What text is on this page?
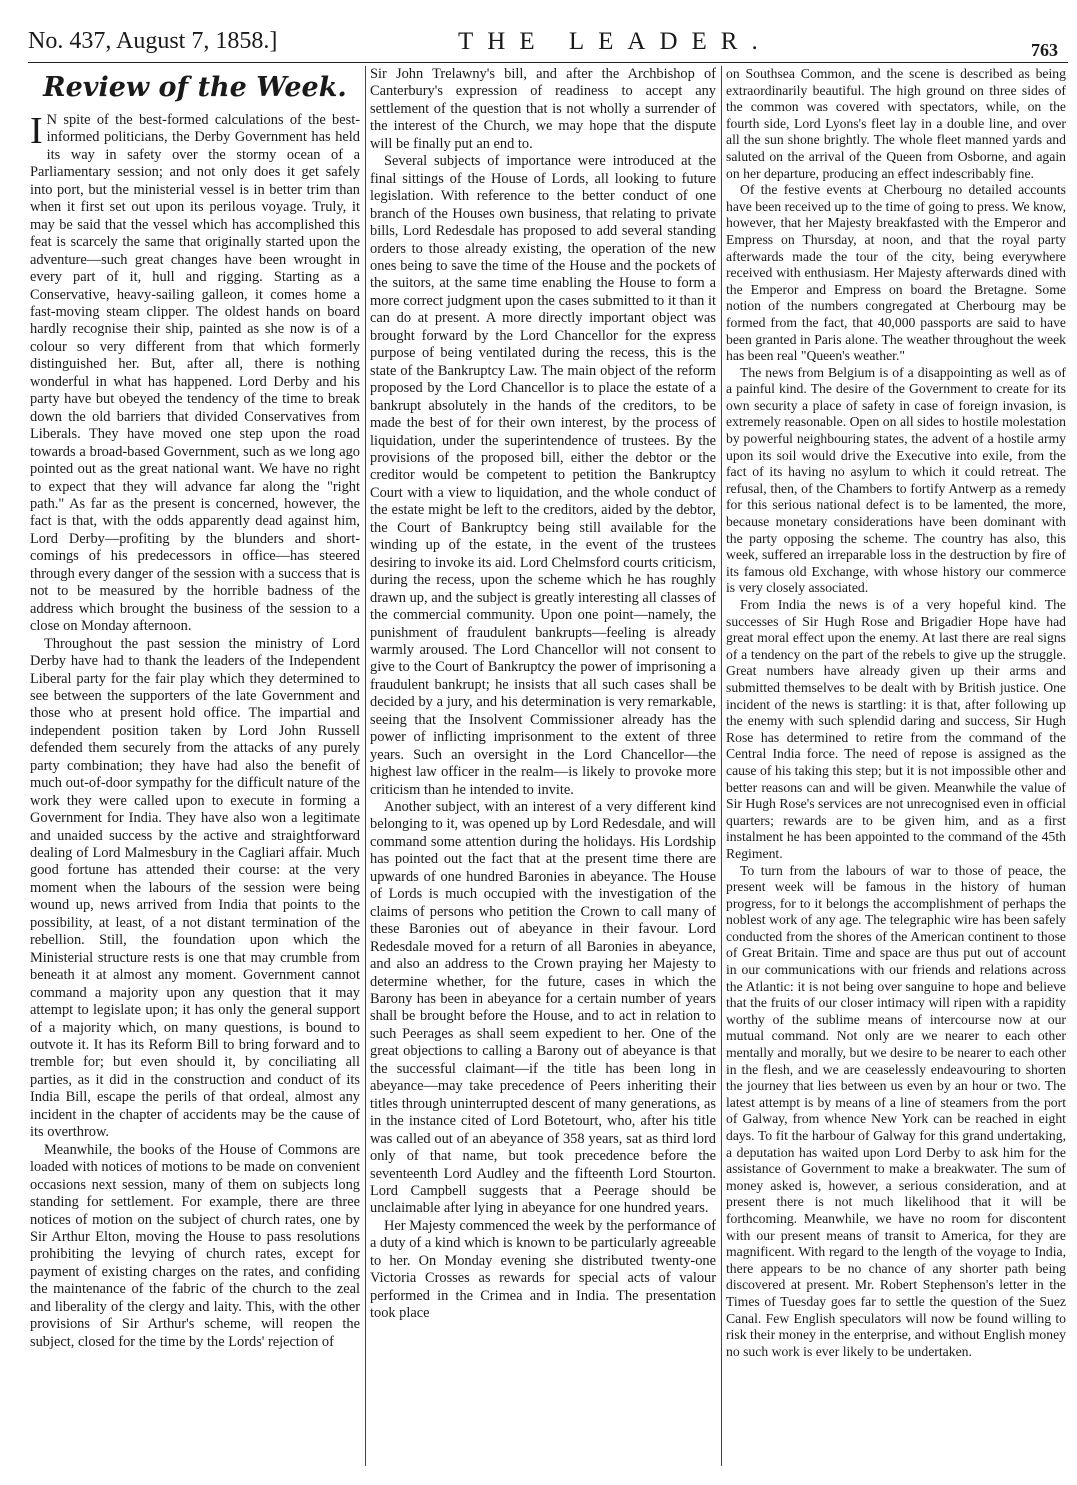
No. 437, August 7, 1858.]	THE LEADER.	763
Review of the Week.

I N spite of the best-formed calculations of the best-informed politicians, the Derby Government has held its way in safety over the stormy ocean of a Parliamentary session; and not only does it get safely into port, but the ministerial vessel is in better trim than when it first set out upon its perilous voyage. Truly, it may be said that the vessel which has accomplished this feat is scarcely the same that originally started upon the adventure—such great changes have been wrought in every part of it, hull and rigging. Starting as a Conservative, heavy-sailing galleon, it comes home a fast-moving steam clipper. The oldest hands on board hardly recognise their ship, painted as she now is of a colour so very different from that which formerly distinguished her. But, after all, there is nothing wonderful in what has happened. Lord Derby and his party have but obeyed the tendency of the time to break down the old barriers that divided Conservatives from Liberals. They have moved one step upon the road towards a broad-based Government, such as we long ago pointed out as the great national want. We have no right to expect that they will advance far along the "right path." As far as the present is concerned, however, the fact is that, with the odds apparently dead against him, Lord Derby—profiting by the blunders and short-comings of his predecessors in office—has steered through every danger of the session with a success that is not to be measured by the horrible badness of the address which brought the business of the session to a close on Monday afternoon.

Throughout the past session the ministry of Lord Derby have had to thank the leaders of the Independent Liberal party for the fair play which they determined to see between the supporters of the late Government and those who at present hold office. The impartial and independent position taken by Lord John Russell defended them securely from the attacks of any purely party combination; they have had also the benefit of much out-of-door sympathy for the difficult nature of the work they were called upon to execute in forming a Government for India. They have also won a legitimate and unaided success by the active and straightforward dealing of Lord Malmesbury in the Cagliari affair. Much good fortune has attended their course: at the very moment when the labours of the session were being wound up, news arrived from India that points to the possibility, at least, of a not distant termination of the rebellion. Still, the foundation upon which the Ministerial structure rests is one that may crumble from beneath it at almost any moment. Government cannot command a majority upon any question that it may attempt to legislate upon; it has only the general support of a majority which, on many questions, is bound to outvote it. It has its Reform Bill to bring forward and to tremble for; but even should it, by conciliating all parties, as it did in the construction and conduct of its India Bill, escape the perils of that ordeal, almost any incident in the chapter of accidents may be the cause of its overthrow.

Meanwhile, the books of the House of Commons are loaded with notices of motions to be made on convenient occasions next session, many of them on subjects long standing for settlement. For example, there are three notices of motion on the subject of church rates, one by Sir Arthur Elton, moving the House to pass resolutions prohibiting the levying of church rates, except for payment of existing charges on the rates, and confiding the maintenance of the fabric of the church to the zeal and liberality of the clergy and laity. This, with the other provisions of Sir Arthur's scheme, will reopen the subject, closed for the time by the Lords' rejection of

Sir John Trelawny's bill, and after the Archbishop of Canterbury's expression of readiness to accept any settlement of the question that is not wholly a surrender of the interest of the Church, we may hope that the dispute will be finally put an end to.

Several subjects of importance were introduced at the final sittings of the House of Lords, all looking to future legislation. With reference to the better conduct of one branch of the Houses own business, that relating to private bills, Lord Redesdale has proposed to add several standing orders to those already existing, the operation of the new ones being to save the time of the House and the pockets of the suitors, at the same time enabling the House to form a more correct judgment upon the cases submitted to it than it can do at present. A more directly important object was brought forward by the Lord Chancellor for the express purpose of being ventilated during the recess, this is the state of the Bankruptcy Law. The main object of the reform proposed by the Lord Chancellor is to place the estate of a bankrupt absolutely in the hands of the creditors, to be made the best of for their own interest, by the process of liquidation, under the superintendence of trustees. By the provisions of the proposed bill, either the debtor or the creditor would be competent to petition the Bankruptcy Court with a view to liquidation, and the whole conduct of the estate might be left to the creditors, aided by the debtor, the Court of Bankruptcy being still available for the winding up of the estate, in the event of the trustees desiring to invoke its aid. Lord Chelmsford courts criticism, during the recess, upon the scheme which he has roughly drawn up, and the subject is greatly interesting all classes of the commercial community. Upon one point—namely, the punishment of fraudulent bankrupts—feeling is already warmly aroused. The Lord Chancellor will not consent to give to the Court of Bankruptcy the power of imprisoning a fraudulent bankrupt; he insists that all such cases shall be decided by a jury, and his determination is very remarkable, seeing that the Insolvent Commissioner already has the power of inflicting imprisonment to the extent of three years. Such an oversight in the Lord Chancellor—the highest law officer in the realm—is likely to provoke more criticism than he intended to invite.

Another subject, with an interest of a very different kind belonging to it, was opened up by Lord Redesdale, and will command some attention during the holidays. His Lordship has pointed out the fact that at the present time there are upwards of one hundred Baronies in abeyance. The House of Lords is much occupied with the investigation of the claims of persons who petition the Crown to call many of these Baronies out of abeyance in their favour. Lord Redesdale moved for a return of all Baronies in abeyance, and also an address to the Crown praying her Majesty to determine whether, for the future, cases in which the Barony has been in abeyance for a certain number of years shall be brought before the House, and to act in relation to such Peerages as shall seem expedient to her. One of the great objections to calling a Barony out of abeyance is that the successful claimant—if the title has been long in abeyance—may take precedence of Peers inheriting their titles through uninterrupted descent of many generations, as in the instance cited of Lord Botetourt, who, after his title was called out of an abeyance of 358 years, sat as third lord only of that name, but took precedence before the seventeenth Lord Audley and the fifteenth Lord Stourton. Lord Campbell suggests that a Peerage should be unclaimable after lying in abeyance for one hundred years.

Her Majesty commenced the week by the performance of a duty of a kind which is known to be particularly agreeable to her. On Monday evening she distributed twenty-one Victoria Crosses as rewards for special acts of valour performed in the Crimea and in India. The presentation took place

on Southsea Common, and the scene is described as being extraordinarily beautiful. The high ground on three sides of the common was covered with spectators, while, on the fourth side, Lord Lyons's fleet lay in a double line, and over all the sun shone brightly. The whole fleet manned yards and saluted on the arrival of the Queen from Osborne, and again on her departure, producing an effect indescribably fine.

Of the festive events at Cherbourg no detailed accounts have been received up to the time of going to press. We know, however, that her Majesty breakfasted with the Emperor and Empress on Thursday, at noon, and that the royal party afterwards made the tour of the city, being everywhere received with enthusiasm. Her Majesty afterwards dined with the Emperor and Empress on board the Bretagne. Some notion of the numbers congregated at Cherbourg may be formed from the fact, that 40,000 passports are said to have been granted in Paris alone. The weather throughout the week has been real "Queen's weather."

The news from Belgium is of a disappointing as well as of a painful kind. The desire of the Government to create for its own security a place of safety in case of foreign invasion, is extremely reasonable. Open on all sides to hostile molestation by powerful neighbouring states, the advent of a hostile army upon its soil would drive the Executive into exile, from the fact of its having no asylum to which it could retreat. The refusal, then, of the Chambers to fortify Antwerp as a remedy for this serious national defect is to be lamented, the more, because monetary considerations have been dominant with the party opposing the scheme. The country has also, this week, suffered an irreparable loss in the destruction by fire of its famous old Exchange, with whose history our commerce is very closely associated.

From India the news is of a very hopeful kind. The successes of Sir Hugh Rose and Brigadier Hope have had great moral effect upon the enemy. At last there are real signs of a tendency on the part of the rebels to give up the struggle. Great numbers have already given up their arms and submitted themselves to be dealt with by British justice. One incident of the news is startling: it is that, after following up the enemy with such splendid daring and success, Sir Hugh Rose has determined to retire from the command of the Central India force. The need of repose is assigned as the cause of his taking this step; but it is not impossible other and better reasons can and will be given. Meanwhile the value of Sir Hugh Rose's services are not unrecognised even in official quarters; rewards are to be given him, and as a first instalment he has been appointed to the command of the 45th Regiment.

To turn from the labours of war to those of peace, the present week will be famous in the history of human progress, for to it belongs the accomplishment of perhaps the noblest work of any age. The telegraphic wire has been safely conducted from the shores of the American continent to those of Great Britain. Time and space are thus put out of account in our communications with our friends and relations across the Atlantic: it is not being over sanguine to hope and believe that the fruits of our closer intimacy will ripen with a rapidity worthy of the sublime means of intercourse now at our mutual command. Not only are we nearer to each other mentally and morally, but we desire to be nearer to each other in the flesh, and we are ceaselessly endeavouring to shorten the journey that lies between us even by an hour or two. The latest attempt is by means of a line of steamers from the port of Galway, from whence New York can be reached in eight days. To fit the harbour of Galway for this grand undertaking, a deputation has waited upon Lord Derby to ask him for the assistance of Government to make a breakwater. The sum of money asked is, however, a serious consideration, and at present there is not much likelihood that it will be forthcoming. Meanwhile, we have no room for discontent with our present means of transit to America, for they are magnificent. With regard to the length of the voyage to India, there appears to be no chance of any shorter path being discovered at present. Mr. Robert Stephenson's letter in the Times of Tuesday goes far to settle the question of the Suez Canal. Few English speculators will now be found willing to risk their money in the enterprise, and without English money no such work is ever likely to be undertaken.
